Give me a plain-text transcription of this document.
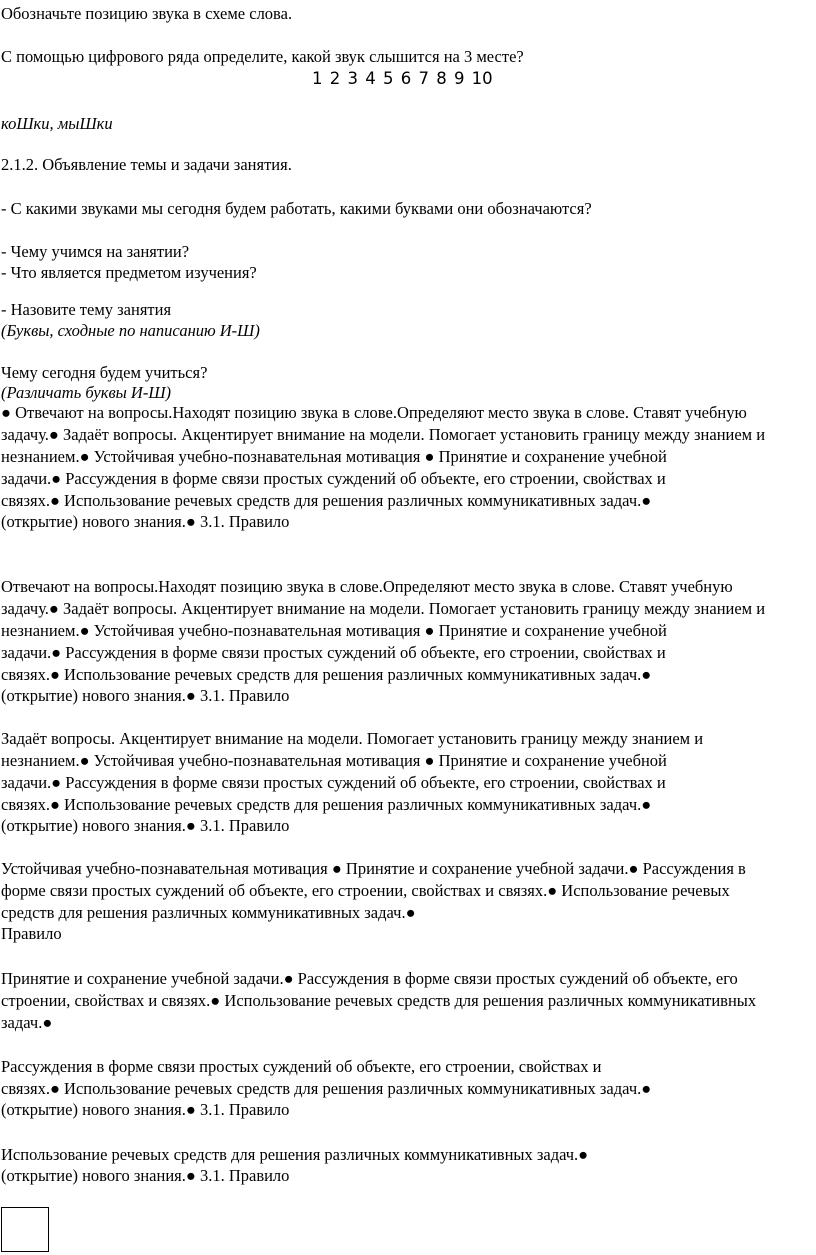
Обозначьте позицию звука в схеме слова.
С помощью цифрового ряда определите, какой звук слышится на 3 месте?
1 2 3 4 5 6 7 8 9 10
коШки, мыШки
2.1.2. Объявление темы и задачи занятия.
- С какими звуками мы сегодня будем работать, какими буквами они обозначаются?
- Чему учимся на занятии?
- Что является предметом изучения?
- Назовите тему занятия
(Буквы, сходные по написанию И-Ш)
Чему сегодня будем учиться?
(Различать буквы И-Ш)
● Отвечают на вопросы.Находят позицию звука в слове.Определяют место звука в слове. Ставят учебную
задачу.● Задаёт вопросы. Акцентирует внимание на модели. Помогает установить границу между знанием и
незнанием.● Устойчивая учебно-познавательная мотивация ● Принятие и сохранение учебной
задачи.● Рассуждения в форме связи простых суждений об объекте, его строении, свойствах и
связях.● Использование речевых средств для решения различных коммуникативных задач.●
(открытие) нового знания.● 3.1. Правило
Отвечают на вопросы.Находят позицию звука в слове.Определяют место звука в слове. Ставят учебную
задачу.● Задаёт вопросы. Акцентирует внимание на модели. Помогает установить границу между знанием и
незнанием.● Устойчивая учебно-познавательная мотивация ● Принятие и сохранение учебной
задачи.● Рассуждения в форме связи простых суждений об объекте, его строении, свойствах и
связях.● Использование речевых средств для решения различных коммуникативных задач.●
(открытие) нового знания.● 3.1. Правило
Задаёт вопросы. Акцентирует внимание на модели. Помогает установить границу между знанием и
незнанием.● Устойчивая учебно-познавательная мотивация ● Принятие и сохранение учебной
задачи.● Рассуждения в форме связи простых суждений об объекте, его строении, свойствах и
связях.● Использование речевых средств для решения различных коммуникативных задач.●
(открытие) нового знания.● 3.1. Правило
Устойчивая учебно-познавательная мотивация ● Принятие и сохранение учебной задачи.● Рассуждения в
форме связи простых суждений об объекте, его строении, свойствах и связях.● Использование речевых
средств для решения различных коммуникативных задач.●
Правило
Принятие и сохранение учебной задачи.● Рассуждения в форме связи простых суждений об объекте, его
строении, свойствах и связях.● Использование речевых средств для решения различных коммуникативных
задач.●
Рассуждения в форме связи простых суждений об объекте, его строении, свойствах и
связях.● Использование речевых средств для решения различных коммуникативных задач.●
(открытие) нового знания.● 3.1. Правило
Использование речевых средств для решения различных коммуникативных задач.●
(открытие) нового знания.● 3.1. Правило
